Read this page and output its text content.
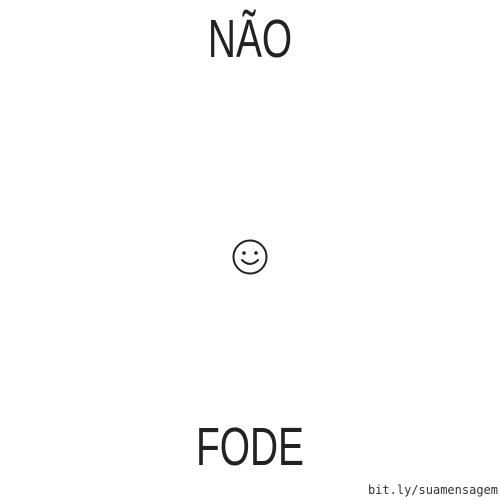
NÃO
FODE
bit.ly/suamensagem
